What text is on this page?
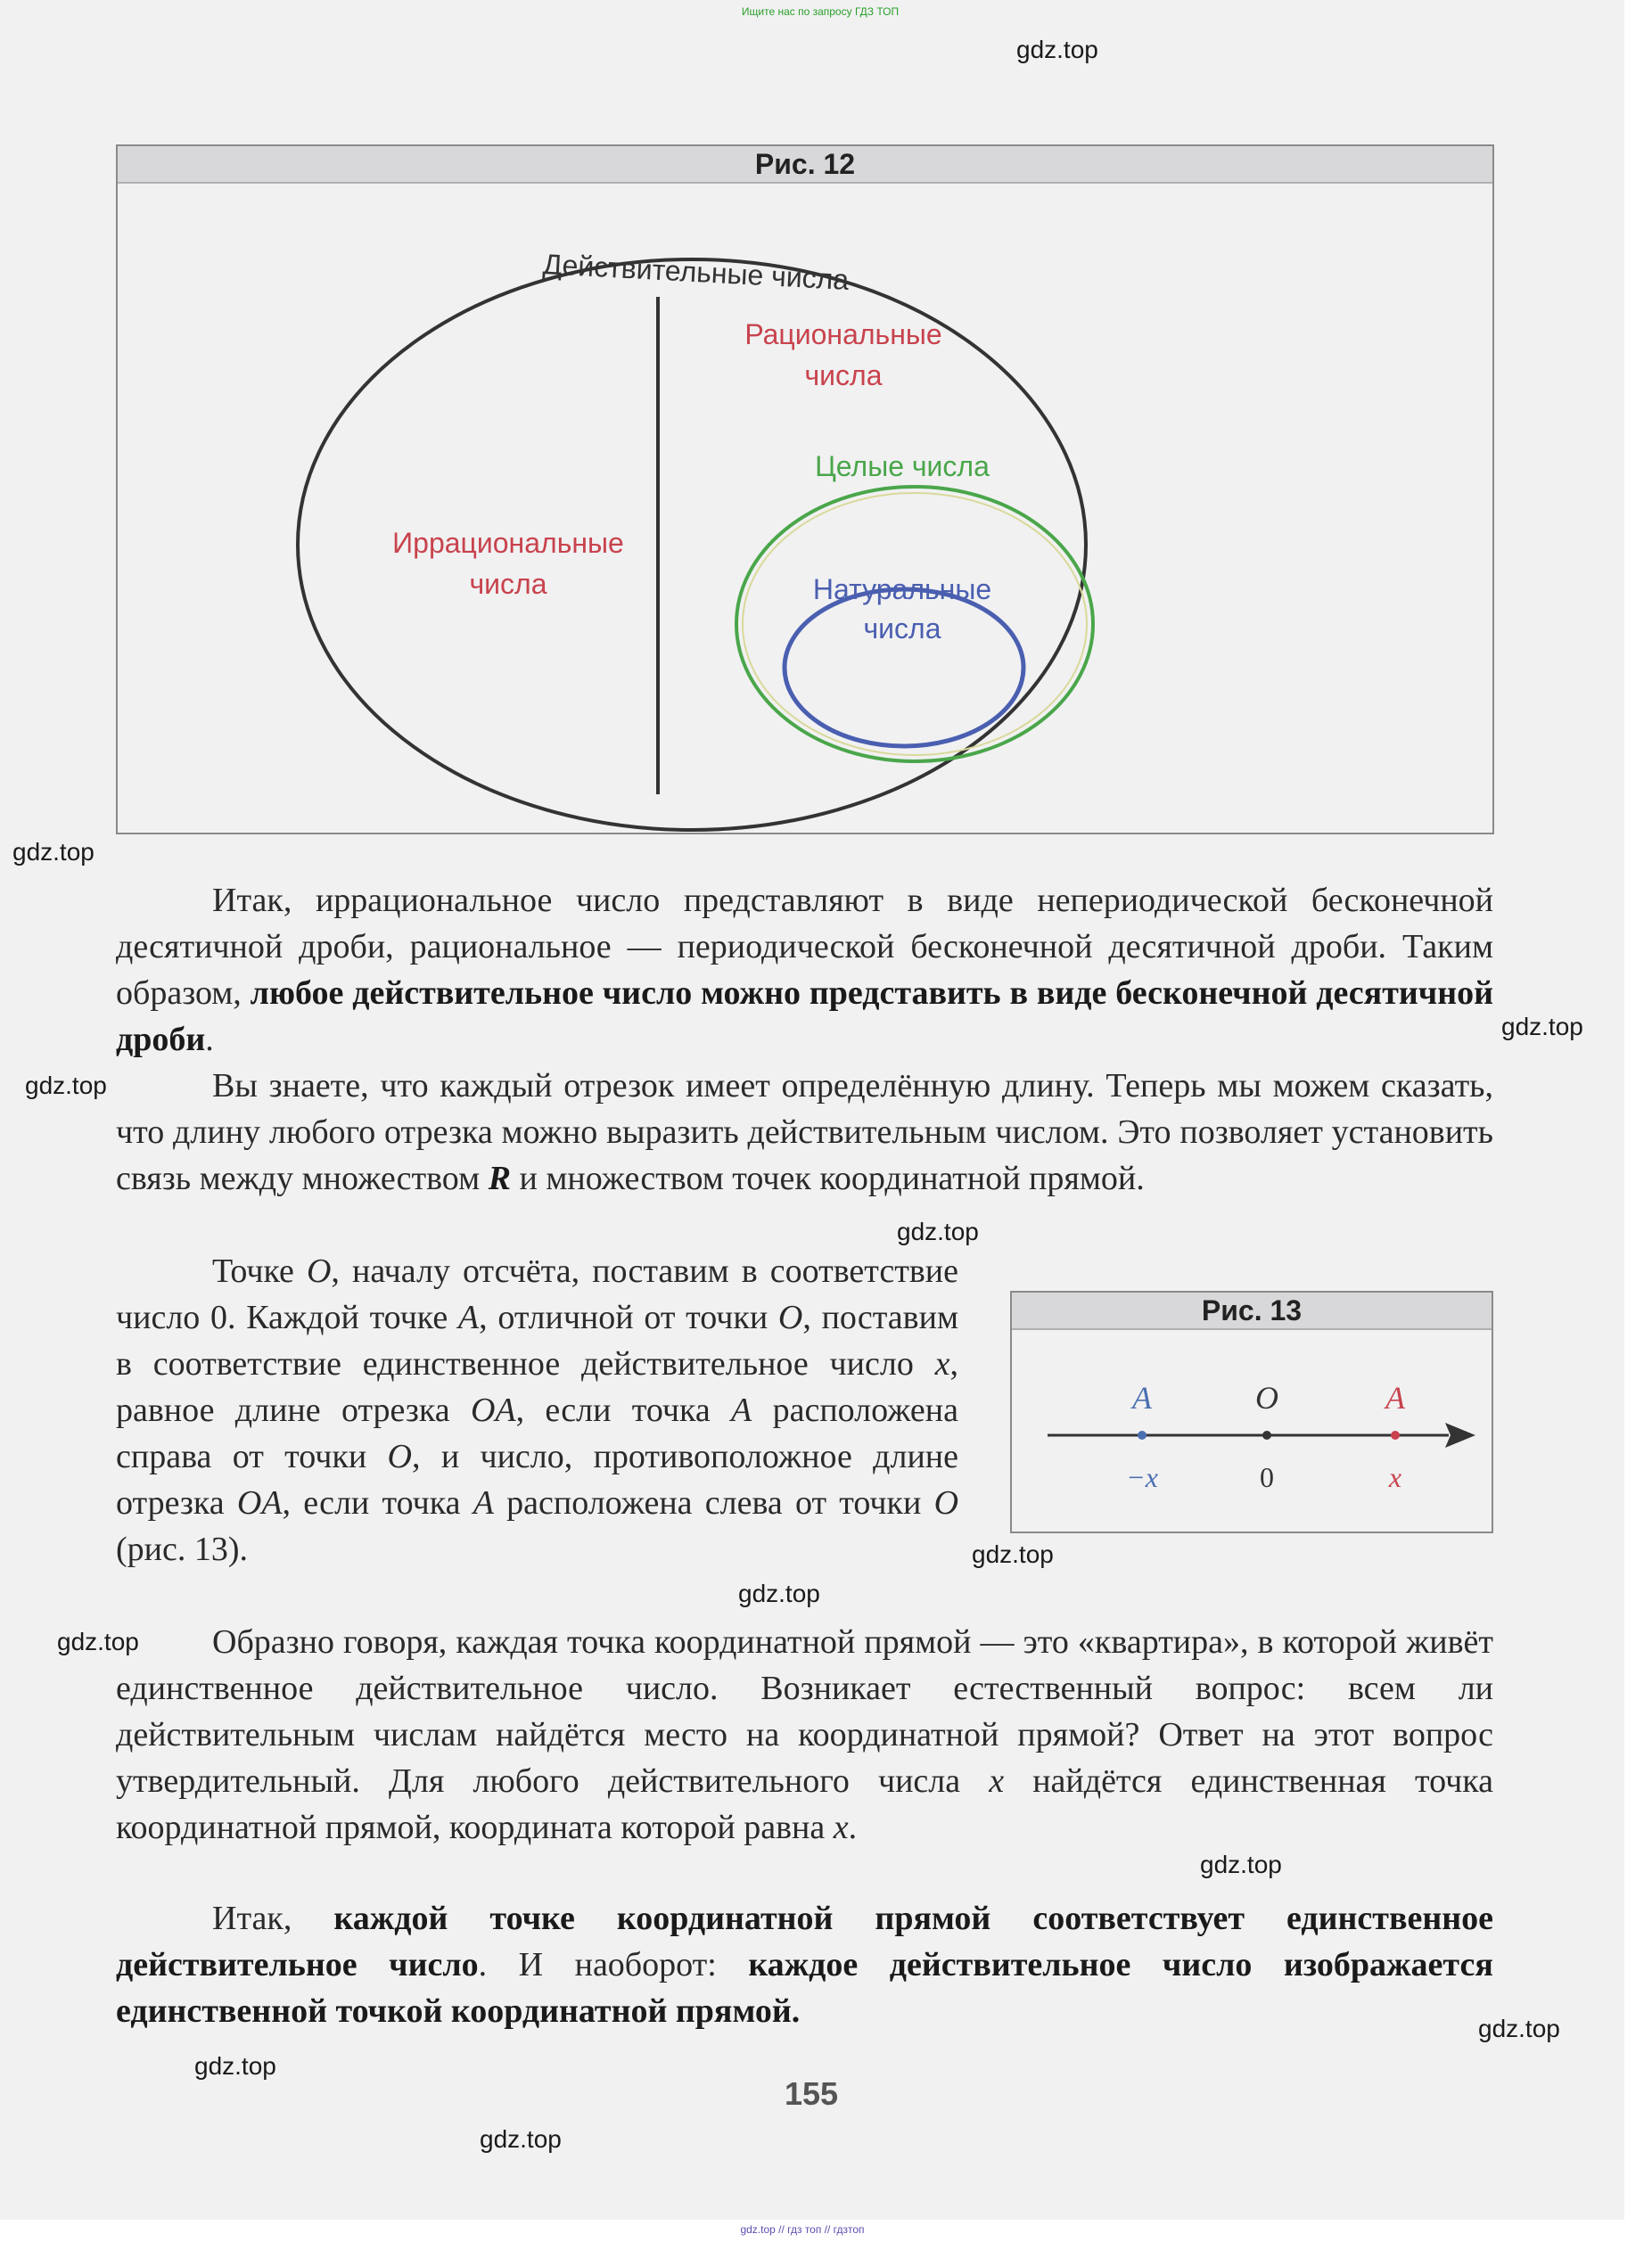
Ищите нас по запросу ГДЗ ТОП
gdz.top // гдз топ // гдзтоп
gdz.top
gdz.top
gdz.top
gdz.top
gdz.top
gdz.top
gdz.top
gdz.top
gdz.top
gdz.top
gdz.top
gdz.top
Рис. 12
Действительные числа
Рациональные
числа
Целые числа
Иррациональные
числа	Натуральные
числа
Итак, иррациональное число представляют в виде непериодической бесконечной десятичной дроби, рациональное — периодической бесконечной десятичной дроби. Таким образом, любое действительное число можно представить в виде бесконечной десятичной дроби.
Вы знаете, что каждый отрезок имеет определённую длину. Теперь мы можем сказать, что длину любого отрезка можно выразить действительным числом. Это позволяет установить связь между множеством R и множеством точек координатной прямой.
Точке O, началу отсчёта, поставим в соответствие число 0. Каждой точке A, отличной от точки O, поставим в соответствие единственное действительное число x, равное длине отрезка OA, если точка A расположена справа от точки O, и число, противоположное длине отрезка OA, если точка A расположена слева от точки O (рис. 13).
Рис. 13
A	O	A
−x	0	x
Образно говоря, каждая точка координатной прямой — это «квартира», в которой живёт единственное действительное число. Возникает естественный вопрос: всем ли действительным числам найдётся место на координатной прямой? Ответ на этот вопрос утвердительный. Для любого действительного числа x найдётся единственная точка координатной прямой, координата которой равна x.
Итак, каждой точке координатной прямой соответствует единственное действительное число. И наоборот: каждое действительное число изображается единственной точкой координатной прямой.
155
